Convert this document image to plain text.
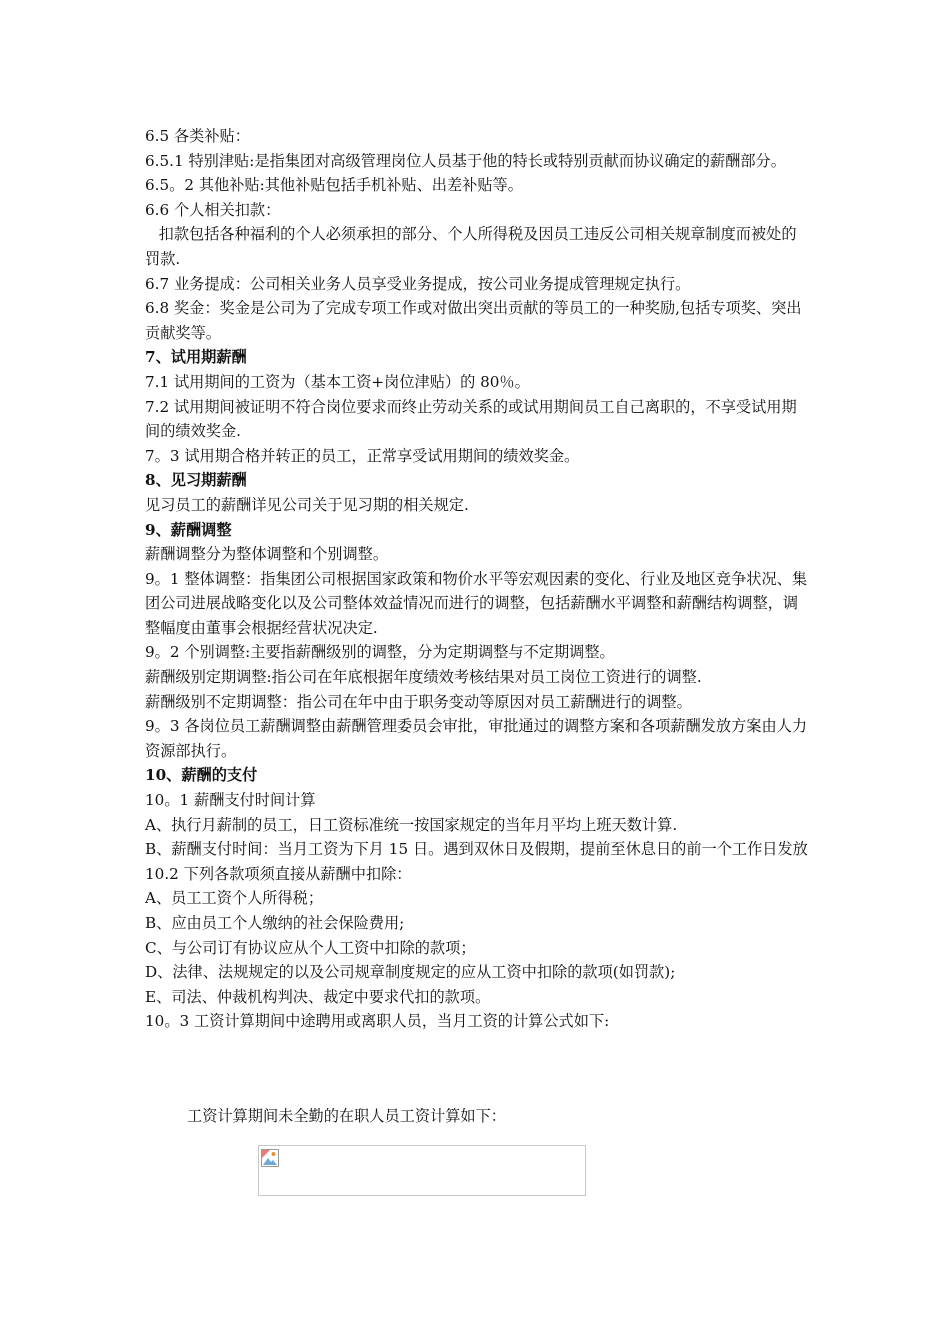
6.5 各类补贴：

6.5.1 特别津贴:是指集团对高级管理岗位人员基于他的特长或特别贡献而协议确定的薪酬部分。

6.5。2 其他补贴:其他补贴包括手机补贴、出差补贴等。

6.6 个人相关扣款：

扣款包括各种福利的个人必须承担的部分、个人所得税及因员工违反公司相关规章制度而被处的罚款.

6.7 业务提成：公司相关业务人员享受业务提成，按公司业务提成管理规定执行。

6.8 奖金：奖金是公司为了完成专项工作或对做出突出贡献的等员工的一种奖励,包括专项奖、突出贡献奖等。

7、试用期薪酬

7.1 试用期间的工资为（基本工资+岗位津贴）的 80％。

7.2 试用期间被证明不符合岗位要求而终止劳动关系的或试用期间员工自己离职的，不享受试用期间的绩效奖金.

7。3 试用期合格并转正的员工，正常享受试用期间的绩效奖金。

8、见习期薪酬

见习员工的薪酬详见公司关于见习期的相关规定.

9、薪酬调整

薪酬调整分为整体调整和个别调整。

9。1 整体调整：指集团公司根据国家政策和物价水平等宏观因素的变化、行业及地区竞争状况、集团公司进展战略变化以及公司整体效益情况而进行的调整，包括薪酬水平调整和薪酬结构调整，调整幅度由董事会根据经营状况决定.

9。2 个别调整:主要指薪酬级别的调整，分为定期调整与不定期调整。

薪酬级别定期调整:指公司在年底根据年度绩效考核结果对员工岗位工资进行的调整.

薪酬级别不定期调整：指公司在年中由于职务变动等原因对员工薪酬进行的调整。

9。3 各岗位员工薪酬调整由薪酬管理委员会审批，审批通过的调整方案和各项薪酬发放方案由人力资源部执行。

10、薪酬的支付

10。1 薪酬支付时间计算

A、执行月薪制的员工，日工资标准统一按国家规定的当年月平均上班天数计算.

B、薪酬支付时间：当月工资为下月 15 日。遇到双休日及假期，提前至休息日的前一个工作日发放

10.2 下列各款项须直接从薪酬中扣除：

A、员工工资个人所得税；

B、应由员工个人缴纳的社会保险费用;

C、与公司订有协议应从个人工资中扣除的款项；

D、法律、法规规定的以及公司规章制度规定的应从工资中扣除的款项(如罚款);

E、司法、仲裁机构判决、裁定中要求代扣的款项。

10。3 工资计算期间中途聘用或离职人员，当月工资的计算公式如下:

工资计算期间未全勤的在职人员工资计算如下：
